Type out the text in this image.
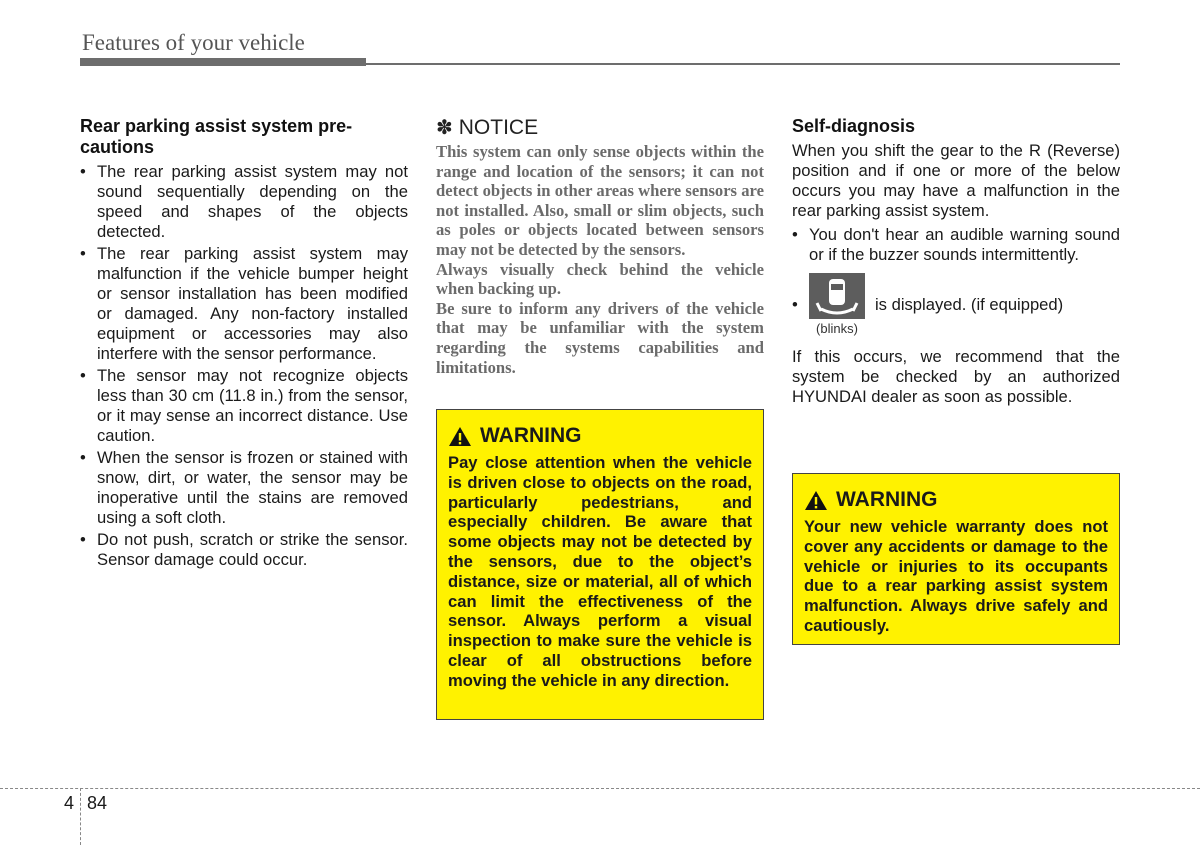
Features of your vehicle
Rear parking assist system pre-
cautions
• The rear parking assist system may not sound sequentially depending on the speed and shapes of the objects detected.
• The rear parking assist system may malfunction if the vehicle bumper height or sensor installation has been modified or damaged. Any non-factory installed equipment or accessories may also interfere with the sensor performance.
• The sensor may not recognize objects less than 30 cm (11.8 in.) from the sensor, or it may sense an incorrect distance. Use caution.
• When the sensor is frozen or stained with snow, dirt, or water, the sensor may be inoperative until the stains are removed using a soft cloth.
• Do not push, scratch or strike the sensor. Sensor damage could occur.
✽ NOTICE

This system can only sense objects within the range and location of the sensors; it can not detect objects in other areas where sensors are not installed. Also, small or slim objects, such as poles or objects located between sensors may not be detected by the sensors.

Always visually check behind the vehicle when backing up.

Be sure to inform any drivers of the vehicle that may be unfamiliar with the system regarding the systems capabilities and limitations.

WARNING

Pay close attention when the vehicle is driven close to objects on the road, particularly pedestrians, and especially children. Be aware that some objects may not be detected by the sensors, due to the object’s distance, size or material, all of which can limit the effectiveness of the sensor. Always perform a visual inspection to make sure the vehicle is clear of all obstructions before moving the vehicle in any direction.

Self-diagnosis

When you shift the gear to the R (Reverse) position and if one or more of the below occurs you may have a malfunction in the rear parking assist system.

• You don't hear an audible warning sound or if the buzzer sounds intermittently.
•
(blinks)
is displayed. (if equipped)

If this occurs, we recommend that the system be checked by an authorized HYUNDAI dealer as soon as possible.

WARNING

Your new vehicle warranty does not cover any accidents or damage to the vehicle or injuries to its occupants due to a rear parking assist system malfunction. Always drive safely and cautiously.

4 84
